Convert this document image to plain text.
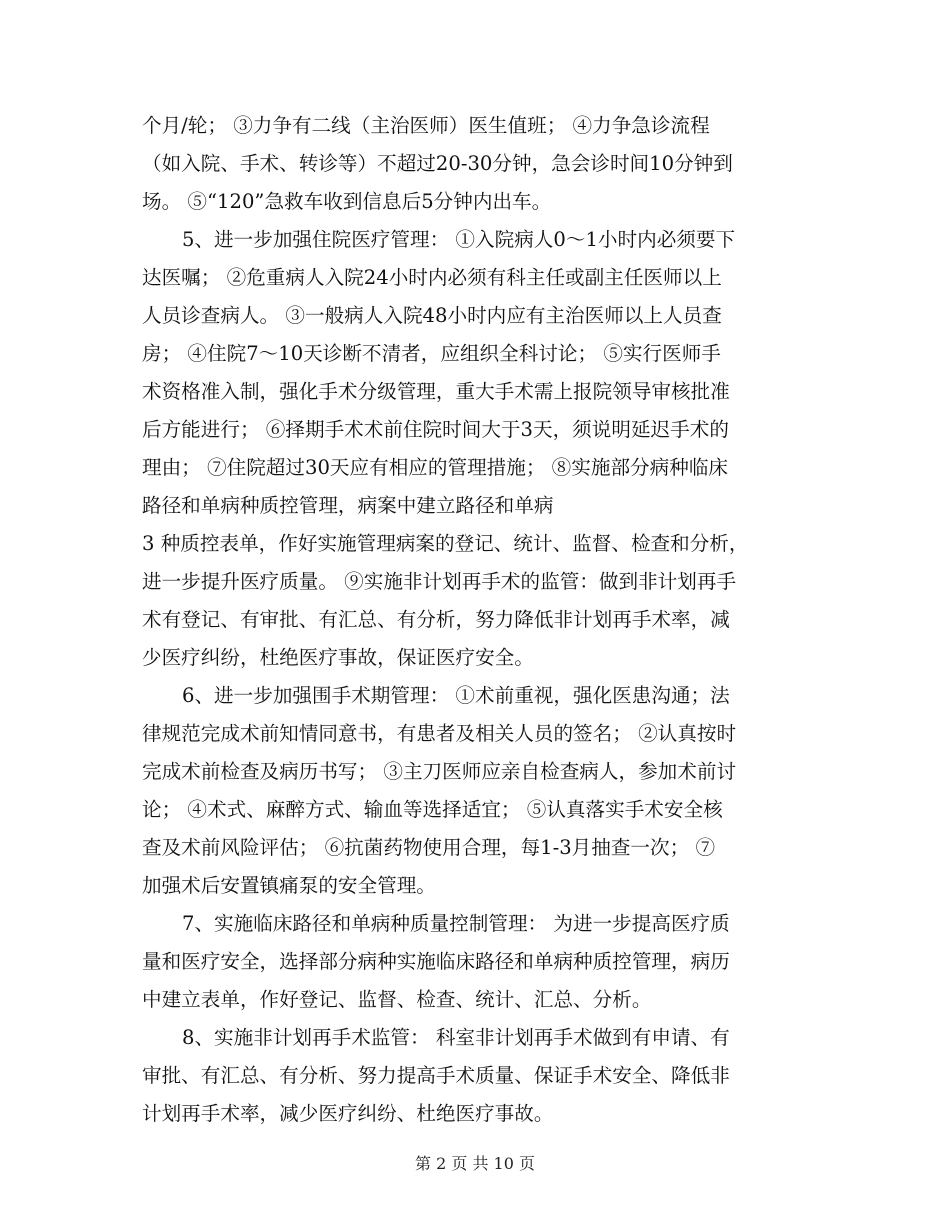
个月/轮； ③力争有二线（主治医师）医生值班； ④力争急诊流程
（如入院、手术、转诊等）不超过20-30分钟，急会诊时间10分钟到
场。 ⑤“120”急救车收到信息后5分钟内出车。
5、进一步加强住院医疗管理： ①入院病人0～1小时内必须要下
达医嘱； ②危重病人入院24小时内必须有科主任或副主任医师以上
人员诊查病人。 ③一般病人入院48小时内应有主治医师以上人员查
房； ④住院7～10天诊断不清者，应组织全科讨论； ⑤实行医师手
术资格准入制，强化手术分级管理，重大手术需上报院领导审核批准
后方能进行； ⑥择期手术术前住院时间大于3天，须说明延迟手术的
理由； ⑦住院超过30天应有相应的管理措施； ⑧实施部分病种临床
路径和单病种质控管理，病案中建立路径和单病
3 种质控表单，作好实施管理病案的登记、统计、监督、检查和分析，
进一步提升医疗质量。 ⑨实施非计划再手术的监管：做到非计划再手
术有登记、有审批、有汇总、有分析，努力降低非计划再手术率，减
少医疗纠纷，杜绝医疗事故，保证医疗安全。
6、进一步加强围手术期管理： ①术前重视，强化医患沟通；法
律规范完成术前知情同意书，有患者及相关人员的签名； ②认真按时
完成术前检查及病历书写； ③主刀医师应亲自检查病人，参加术前讨
论； ④术式、麻醉方式、输血等选择适宜； ⑤认真落实手术安全核
查及术前风险评估； ⑥抗菌药物使用合理，每1-3月抽查一次； ⑦
加强术后安置镇痛泵的安全管理。
7、实施临床路径和单病种质量控制管理： 为进一步提高医疗质
量和医疗安全，选择部分病种实施临床路径和单病种质控管理，病历
中建立表单，作好登记、监督、检查、统计、汇总、分析。
8、实施非计划再手术监管： 科室非计划再手术做到有申请、有
审批、有汇总、有分析、努力提高手术质量、保证手术安全、降低非
计划再手术率，减少医疗纠纷、杜绝医疗事故。
第 2 页 共 10 页
